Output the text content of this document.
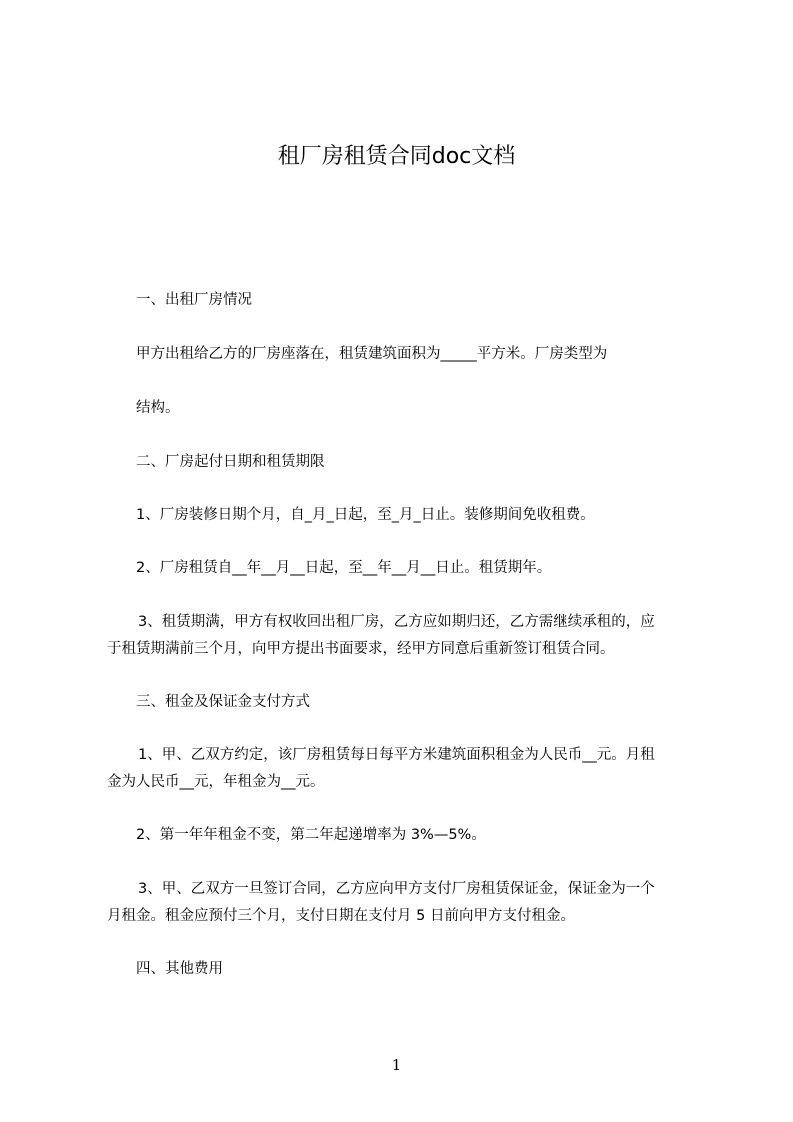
租厂房租赁合同doc文档
一、出租厂房情况
甲方出租给乙方的厂房座落在，租赁建筑面积为_____平方米。厂房类型为
结构。
二、厂房起付日期和租赁期限
1、厂房装修日期个月，自_月_日起，至_月_日止。装修期间免收租费。
2、厂房租赁自__年__月__日起，至__年__月__日止。租赁期年。
3、租赁期满，甲方有权收回出租厂房，乙方应如期归还，乙方需继续承租的，应
于租赁期满前三个月，向甲方提出书面要求，经甲方同意后重新签订租赁合同。
三、租金及保证金支付方式
1、甲、乙双方约定，该厂房租赁每日每平方米建筑面积租金为人民币__元。月租
金为人民币__元，年租金为__元。
2、第一年年租金不变，第二年起递增率为 3%—5%。
3、甲、乙双方一旦签订合同，乙方应向甲方支付厂房租赁保证金，保证金为一个
月租金。租金应预付三个月，支付日期在支付月 5 日前向甲方支付租金。
四、其他费用
1
